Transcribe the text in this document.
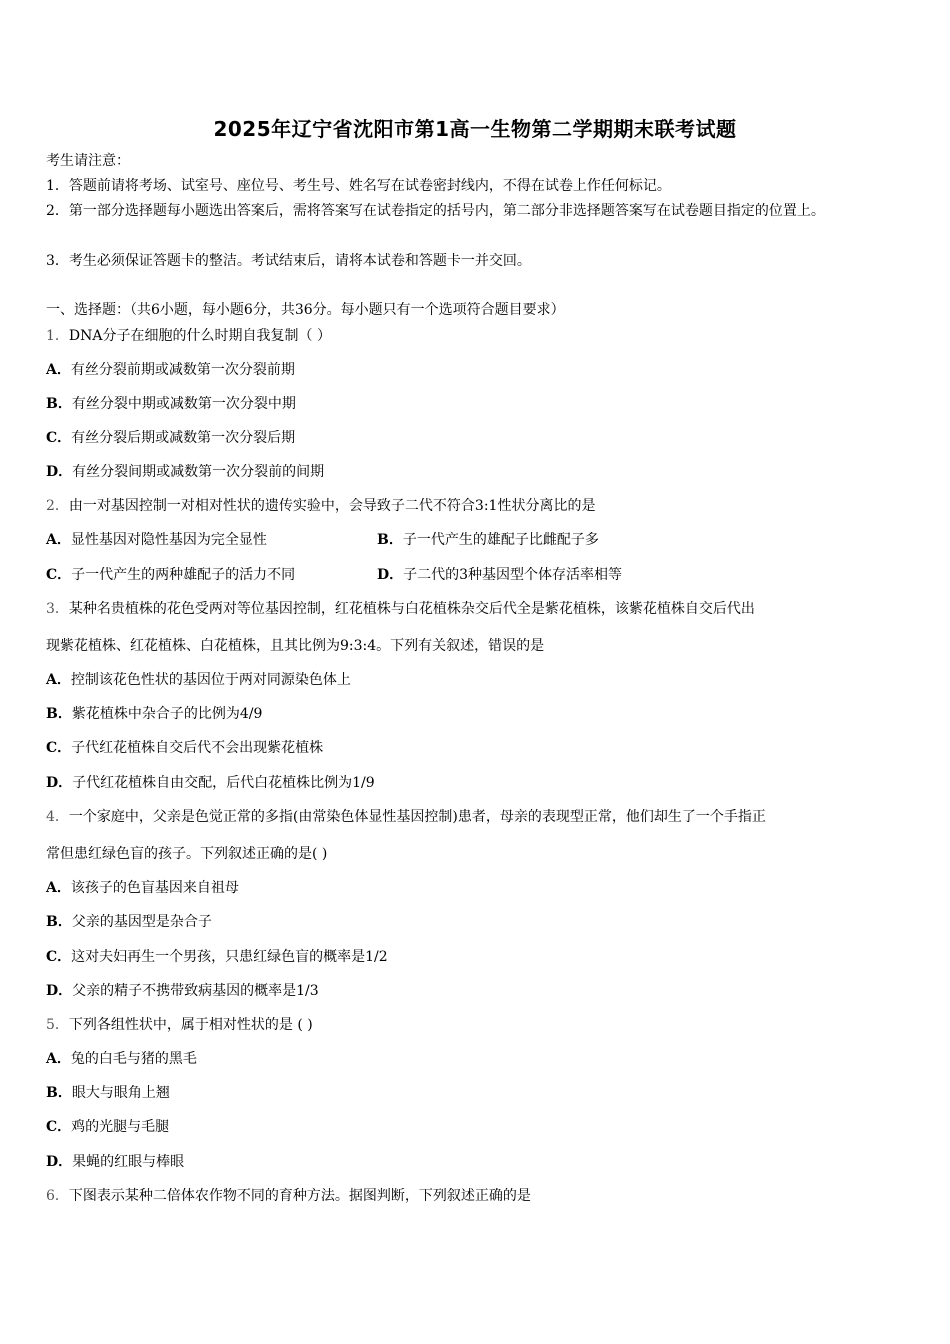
2025年辽宁省沈阳市第1高一生物第二学期期末联考试题
考生请注意：
1．答题前请将考场、试室号、座位号、考生号、姓名写在试卷密封线内，不得在试卷上作任何标记。
2．第一部分选择题每小题选出答案后，需将答案写在试卷指定的括号内，第二部分非选择题答案写在试卷题目指定的位置上。
3．考生必须保证答题卡的整洁。考试结束后，请将本试卷和答题卡一并交回。
一、选择题：（共6小题，每小题6分，共36分。每小题只有一个选项符合题目要求）
1．DNA分子在细胞的什么时期自我复制（ ）
A．有丝分裂前期或减数第一次分裂前期
B．有丝分裂中期或减数第一次分裂中期
C．有丝分裂后期或减数第一次分裂后期
D．有丝分裂间期或减数第一次分裂前的间期
2．由一对基因控制一对相对性状的遗传实验中，会导致子二代不符合3:1性状分离比的是
A．显性基因对隐性基因为完全显性	B．子一代产生的雄配子比雌配子多
C．子一代产生的两种雄配子的活力不同	D．子二代的3种基因型个体存活率相等
3．某种名贵植株的花色受两对等位基因控制，红花植株与白花植株杂交后代全是紫花植株，该紫花植株自交后代出
现紫花植株、红花植株、白花植株，且其比例为9:3:4。下列有关叙述，错误的是
A．控制该花色性状的基因位于两对同源染色体上
B．紫花植株中杂合子的比例为4/9
C．子代红花植株自交后代不会出现紫花植株
D．子代红花植株自由交配，后代白花植株比例为1/9
4．一个家庭中，父亲是色觉正常的多指(由常染色体显性基因控制)患者，母亲的表现型正常，他们却生了一个手指正
常但患红绿色盲的孩子。下列叙述正确的是( )
A．该孩子的色盲基因来自祖母
B．父亲的基因型是杂合子
C．这对夫妇再生一个男孩，只患红绿色盲的概率是1/2
D．父亲的精子不携带致病基因的概率是1/3
5．下列各组性状中，属于相对性状的是 ( )
A．兔的白毛与猪的黑毛
B．眼大与眼角上翘
C．鸡的光腿与毛腿
D．果蝇的红眼与棒眼
6．下图表示某种二倍体农作物不同的育种方法。据图判断，下列叙述正确的是
